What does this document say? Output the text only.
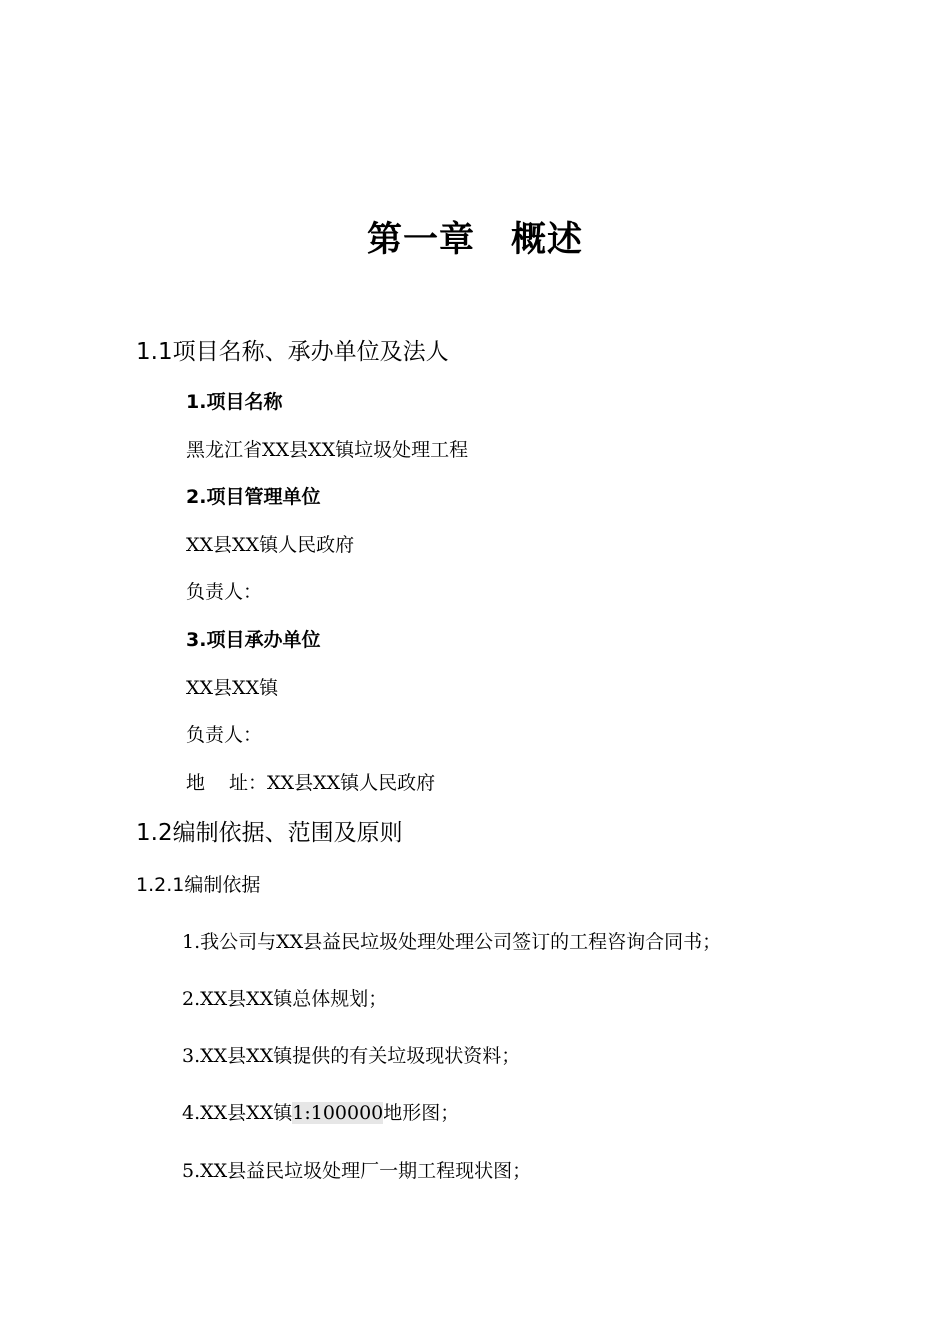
第一章　概述
1.1项目名称、承办单位及法人
1.项目名称
黑龙江省XX县XX镇垃圾处理工程
2.项目管理单位
XX县XX镇人民政府
负责人：
3.项目承办单位
XX县XX镇
负责人：
地 址：XX县XX镇人民政府
1.2编制依据、范围及原则
1.2.1编制依据
1.我公司与XX县益民垃圾处理处理公司签订的工程咨询合同书；
2.XX县XX镇总体规划；
3.XX县XX镇提供的有关垃圾现状资料；
4.XX县XX镇1:100000地形图；
5.XX县益民垃圾处理厂一期工程现状图；
